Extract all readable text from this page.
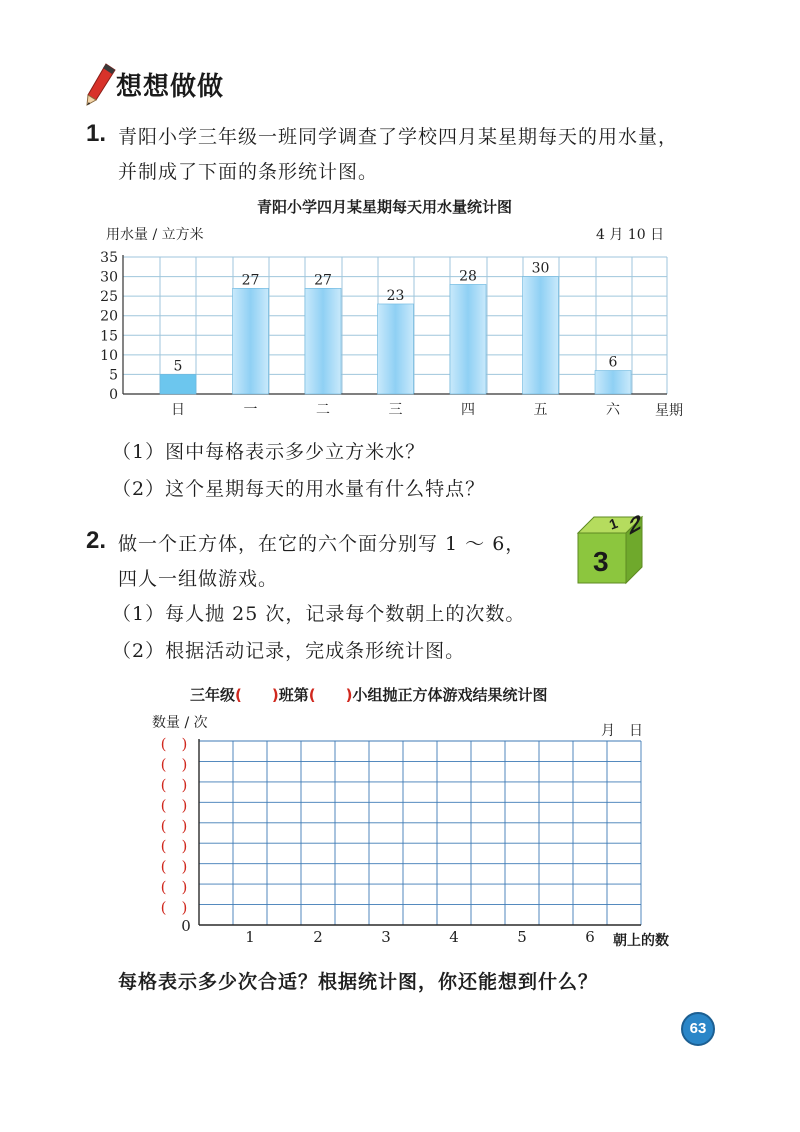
想想做做
1. 青阳小学三年级一班同学调查了学校四月某星期每天的用水量，
并制成了下面的条形统计图。
青阳小学四月某星期每天用水量统计图
用水量 / 立方米	4 月 10 日
0
5
10
15
20
25
30
35
5
日
27
一
27
二
23
三
28
四
30
五
6
六	星期
（1）图中每格表示多少立方米水？
（2）这个星期每天的用水量有什么特点？
2. 做一个正方体，在它的六个面分别写 1 ～ 6，
四人一组做游戏。
1
3
2
（1）每人抛 25 次，记录每个数朝上的次数。
（2）根据活动记录，完成条形统计图。
三年级( )班第( )小组抛正方体游戏结果统计图
数量 / 次	月　日
0
(　)
(　)
(　)
(　)
(　)
(　)
(　)
(　)
(　)
1	2	3	4	5	6 朝上的数
每格表示多少次合适？根据统计图，你还能想到什么？
63
